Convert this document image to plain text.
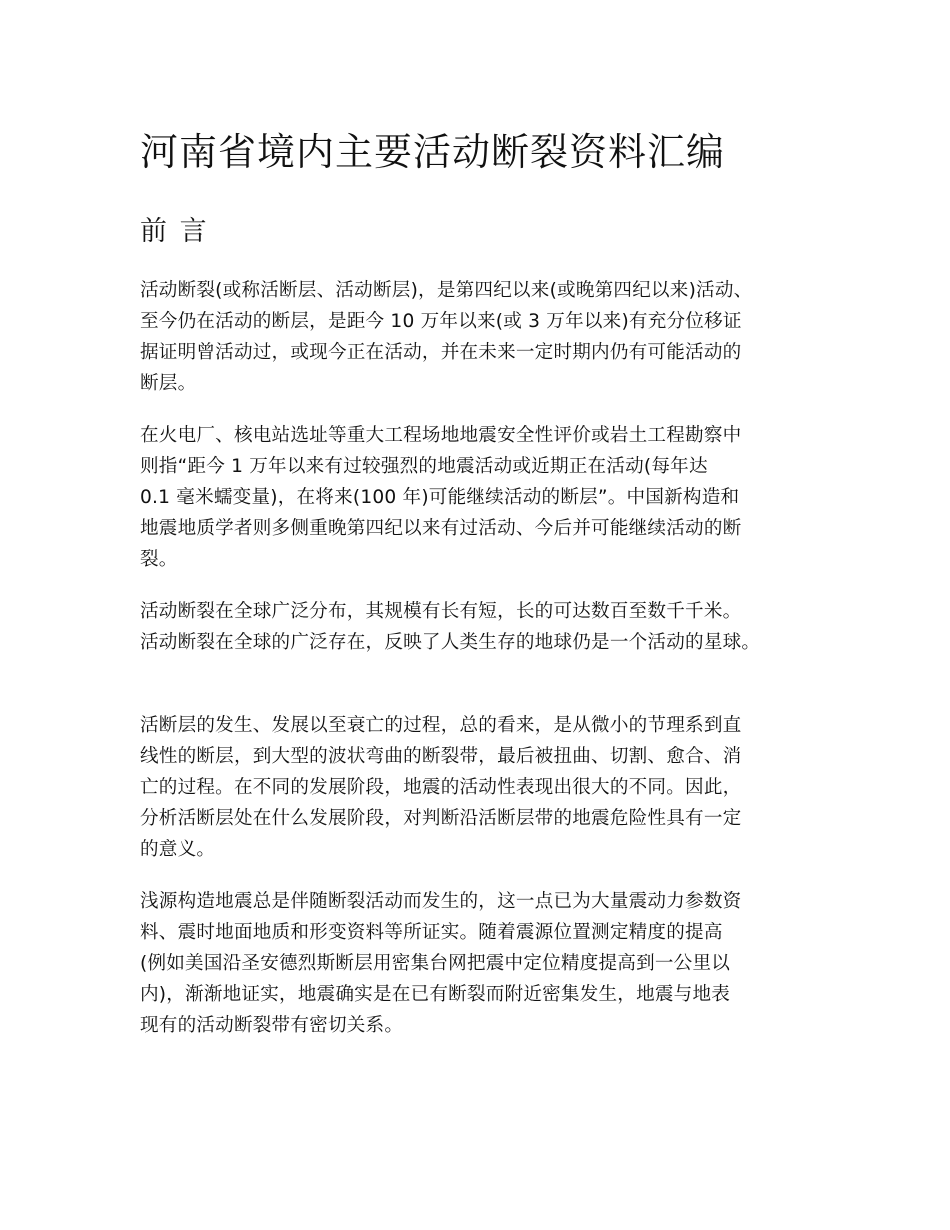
河南省境内主要活动断裂资料汇编
前 言

活动断裂(或称活断层、活动断层)，是第四纪以来(或晚第四纪以来)活动、
至今仍在活动的断层，是距今 10 万年以来(或 3 万年以来)有充分位移证
据证明曾活动过，或现今正在活动，并在未来一定时期内仍有可能活动的
断层。

在火电厂、核电站选址等重大工程场地地震安全性评价或岩土工程勘察中
则指“距今 1 万年以来有过较强烈的地震活动或近期正在活动(每年达
0.1 毫米蠕变量)，在将来(100 年)可能继续活动的断层”。中国新构造和
地震地质学者则多侧重晚第四纪以来有过活动、今后并可能继续活动的断
裂。

活动断裂在全球广泛分布，其规模有长有短，长的可达数百至数千千米。
活动断裂在全球的广泛存在，反映了人类生存的地球仍是一个活动的星球。

活断层的发生、发展以至衰亡的过程，总的看来，是从微小的节理系到直
线性的断层，到大型的波状弯曲的断裂带，最后被扭曲、切割、愈合、消
亡的过程。在不同的发展阶段，地震的活动性表现出很大的不同。因此，
分析活断层处在什么发展阶段，对判断沿活断层带的地震危险性具有一定
的意义。

浅源构造地震总是伴随断裂活动而发生的，这一点已为大量震动力参数资
料、震时地面地质和形变资料等所证实。随着震源位置测定精度的提高
(例如美国沿圣安德烈斯断层用密集台网把震中定位精度提高到一公里以
内)，渐渐地证实，地震确实是在已有断裂而附近密集发生，地震与地表
现有的活动断裂带有密切关系。
